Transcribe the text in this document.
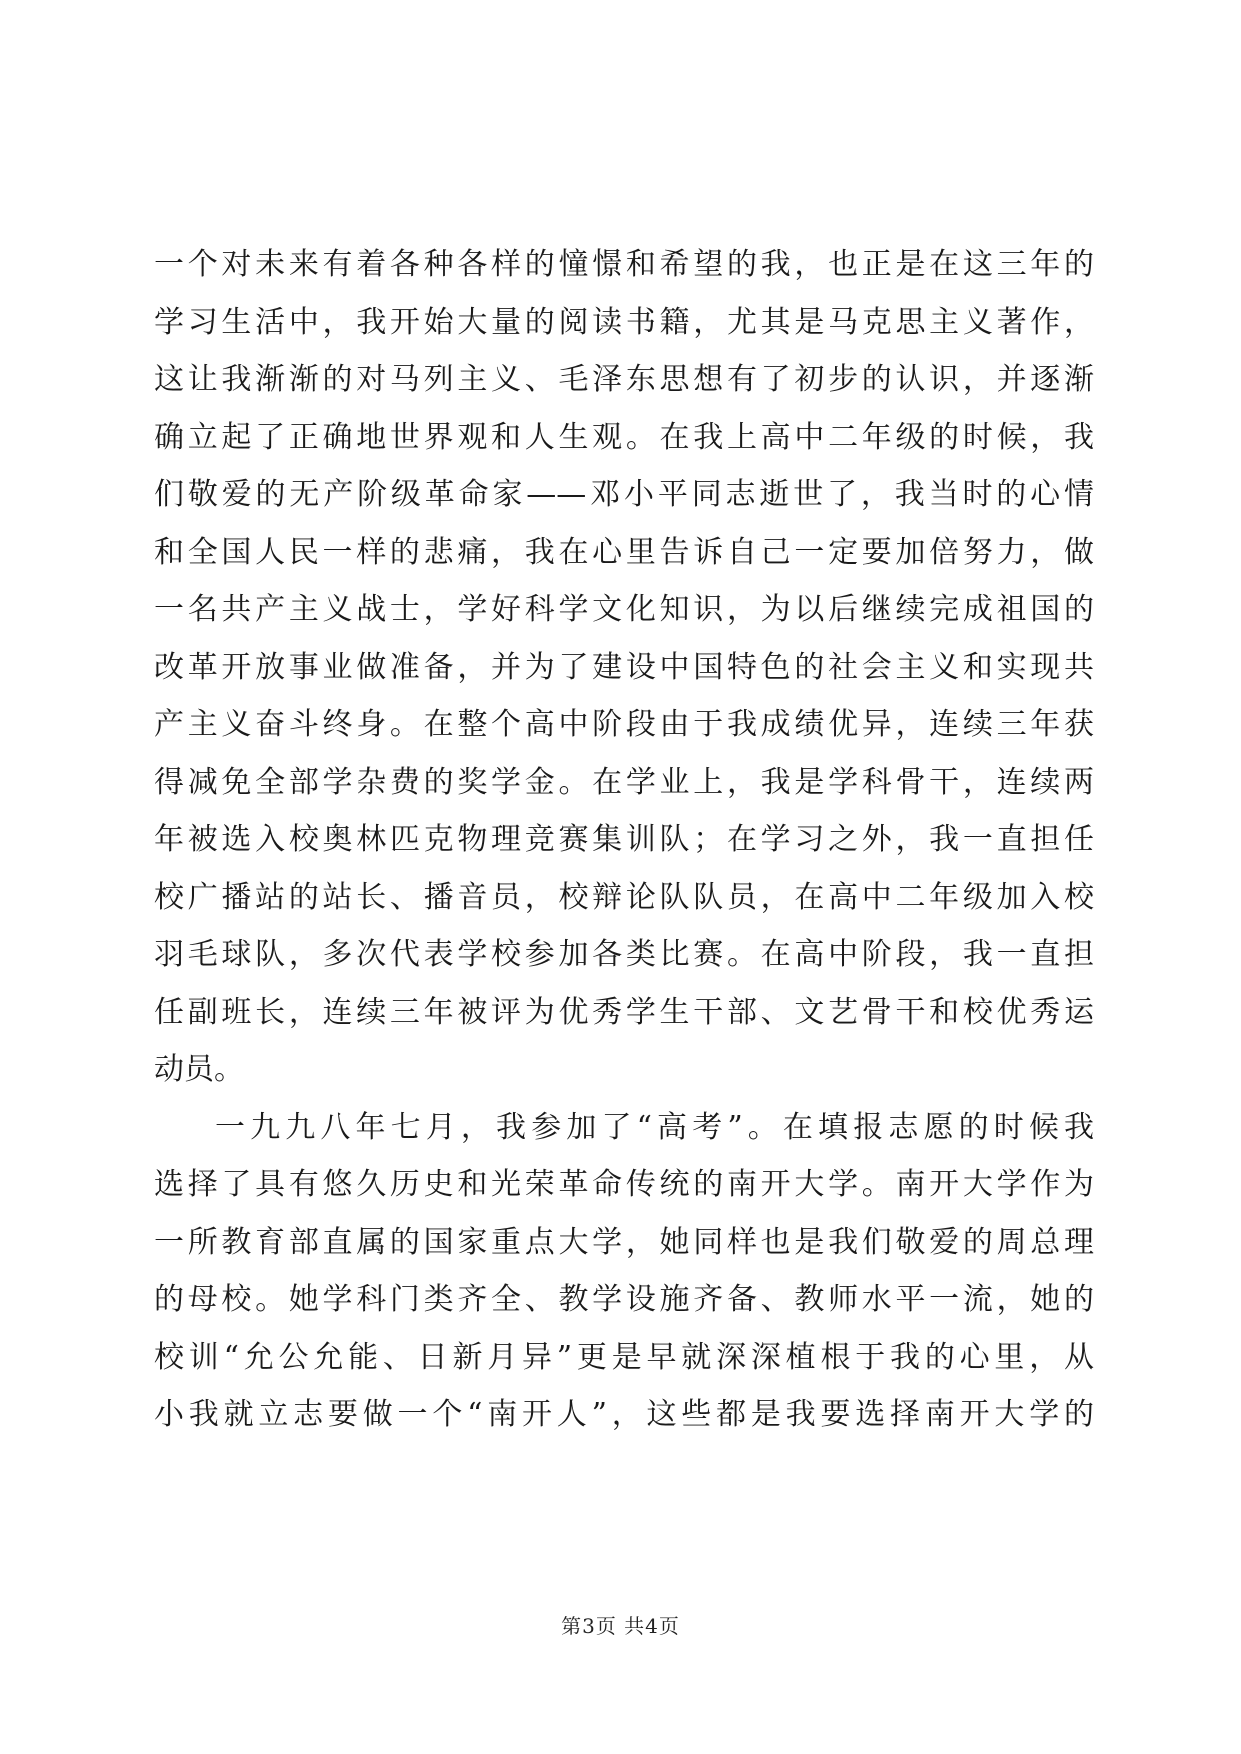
一个对未来有着各种各样的憧憬和希望的我，也正是在这三年的
学习生活中，我开始大量的阅读书籍，尤其是马克思主义著作，
这让我渐渐的对马列主义、毛泽东思想有了初步的认识，并逐渐
确立起了正确地世界观和人生观。在我上高中二年级的时候，我
们敬爱的无产阶级革命家——邓小平同志逝世了，我当时的心情
和全国人民一样的悲痛，我在心里告诉自己一定要加倍努力，做
一名共产主义战士，学好科学文化知识，为以后继续完成祖国的
改革开放事业做准备，并为了建设中国特色的社会主义和实现共
产主义奋斗终身。在整个高中阶段由于我成绩优异，连续三年获
得减免全部学杂费的奖学金。在学业上，我是学科骨干，连续两
年被选入校奥林匹克物理竞赛集训队；在学习之外，我一直担任
校广播站的站长、播音员，校辩论队队员，在高中二年级加入校
羽毛球队，多次代表学校参加各类比赛。在高中阶段，我一直担
任副班长，连续三年被评为优秀学生干部、文艺骨干和校优秀运
动员。
一九九八年七月，我参加了“高考”。在填报志愿的时候我
选择了具有悠久历史和光荣革命传统的南开大学。南开大学作为
一所教育部直属的国家重点大学，她同样也是我们敬爱的周总理
的母校。她学科门类齐全、教学设施齐备、教师水平一流，她的
校训“允公允能、日新月异”更是早就深深植根于我的心里，从
小我就立志要做一个“南开人”，这些都是我要选择南开大学的
第3页 共4页
